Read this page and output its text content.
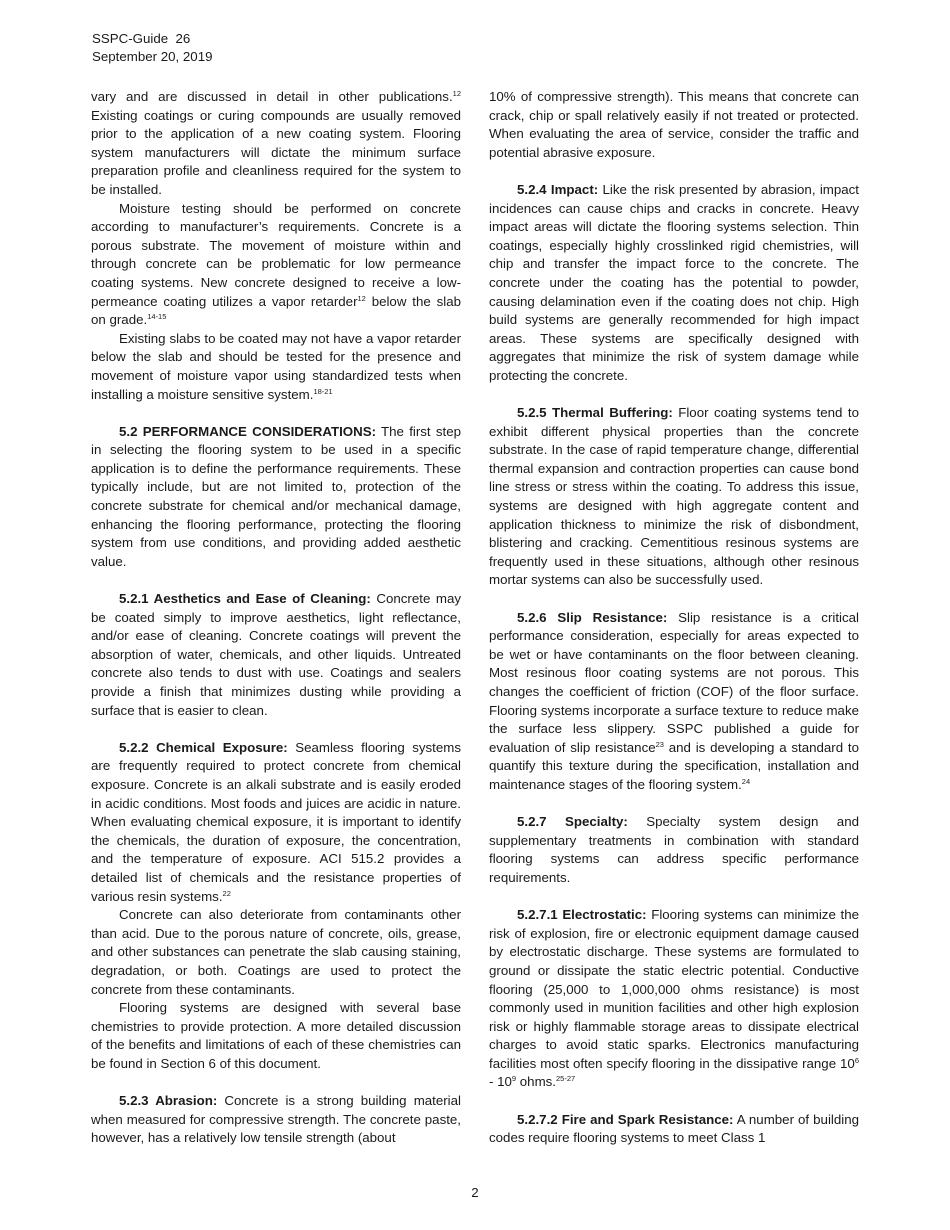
SSPC-Guide  26
September 20, 2019

vary and are discussed in detail in other publications.$^{12}$ Existing coatings or curing compounds are usually removed prior to the application of a new coating system. Flooring system manufacturers will dictate the minimum surface preparation profile and cleanliness required for the system to be installed.

Moisture testing should be performed on concrete according to manufacturer’s requirements. Concrete is a porous substrate. The movement of moisture within and through concrete can be problematic for low permeance coating systems. New concrete designed to receive a low-permeance coating utilizes a vapor retarder$^{12}$ below the slab on grade.$^{14-15}$

Existing slabs to be coated may not have a vapor retarder below the slab and should be tested for the presence and movement of moisture vapor using standardized tests when installing a moisture sensitive system.$^{18-21}$

5.2 PERFORMANCE CONSIDERATIONS: The first step in selecting the flooring system to be used in a specific application is to define the performance requirements. These typically include, but are not limited to, protection of the concrete substrate for chemical and/or mechanical damage, enhancing the flooring performance, protecting the flooring system from use conditions, and providing added aesthetic value.

5.2.1 Aesthetics and Ease of Cleaning: Concrete may be coated simply to improve aesthetics, light reflectance, and/or ease of cleaning. Concrete coatings will prevent the absorption of water, chemicals, and other liquids. Untreated concrete also tends to dust with use. Coatings and sealers provide a finish that minimizes dusting while providing a surface that is easier to clean.

5.2.2 Chemical Exposure: Seamless flooring systems are frequently required to protect concrete from chemical exposure. Concrete is an alkali substrate and is easily eroded in acidic conditions. Most foods and juices are acidic in nature. When evaluating chemical exposure, it is important to identify the chemicals, the duration of exposure, the concentration, and the temperature of exposure. ACI 515.2 provides a detailed list of chemicals and the resistance properties of various resin systems.$^{22}$

Concrete can also deteriorate from contaminants other than acid. Due to the porous nature of concrete, oils, grease, and other substances can penetrate the slab causing staining, degradation, or both. Coatings are used to protect the concrete from these contaminants.

Flooring systems are designed with several base chemistries to provide protection. A more detailed discussion of the benefits and limitations of each of these chemistries can be found in Section 6 of this document.

5.2.3 Abrasion: Concrete is a strong building material when measured for compressive strength. The concrete paste, however, has a relatively low tensile strength (about

10% of compressive strength). This means that concrete can crack, chip or spall relatively easily if not treated or protected. When evaluating the area of service, consider the traffic and potential abrasive exposure.

5.2.4 Impact: Like the risk presented by abrasion, impact incidences can cause chips and cracks in concrete. Heavy impact areas will dictate the flooring systems selection. Thin coatings, especially highly crosslinked rigid chemistries, will chip and transfer the impact force to the concrete. The concrete under the coating has the potential to powder, causing delamination even if the coating does not chip. High build systems are generally recommended for high impact areas. These systems are specifically designed with aggregates that minimize the risk of system damage while protecting the concrete.

5.2.5 Thermal Buffering: Floor coating systems tend to exhibit different physical properties than the concrete substrate. In the case of rapid temperature change, differential thermal expansion and contraction properties can cause bond line stress or stress within the coating. To address this issue, systems are designed with high aggregate content and application thickness to minimize the risk of disbondment, blistering and cracking. Cementitious resinous systems are frequently used in these situations, although other resinous mortar systems can also be successfully used.

5.2.6 Slip Resistance: Slip resistance is a critical performance consideration, especially for areas expected to be wet or have contaminants on the floor between cleaning. Most resinous floor coating systems are not porous. This changes the coefficient of friction (COF) of the floor surface. Flooring systems incorporate a surface texture to reduce make the surface less slippery. SSPC published a guide for evaluation of slip resistance$^{23}$ and is developing a standard to quantify this texture during the specification, installation and maintenance stages of the flooring system.$^{24}$

5.2.7 Specialty: Specialty system design and supplementary treatments in combination with standard flooring systems can address specific performance requirements.

5.2.7.1 Electrostatic: Flooring systems can minimize the risk of explosion, fire or electronic equipment damage caused by electrostatic discharge. These systems are formulated to ground or dissipate the static electric potential. Conductive flooring (25,000 to 1,000,000 ohms resistance) is most commonly used in munition facilities and other high explosion risk or highly flammable storage areas to dissipate electrical charges to avoid static sparks. Electronics manufacturing facilities most often specify flooring in the dissipative range $10^6 - 10^9$ ohms.$^{25-27}$

5.2.7.2 Fire and Spark Resistance: A number of building codes require flooring systems to meet Class 1

2
